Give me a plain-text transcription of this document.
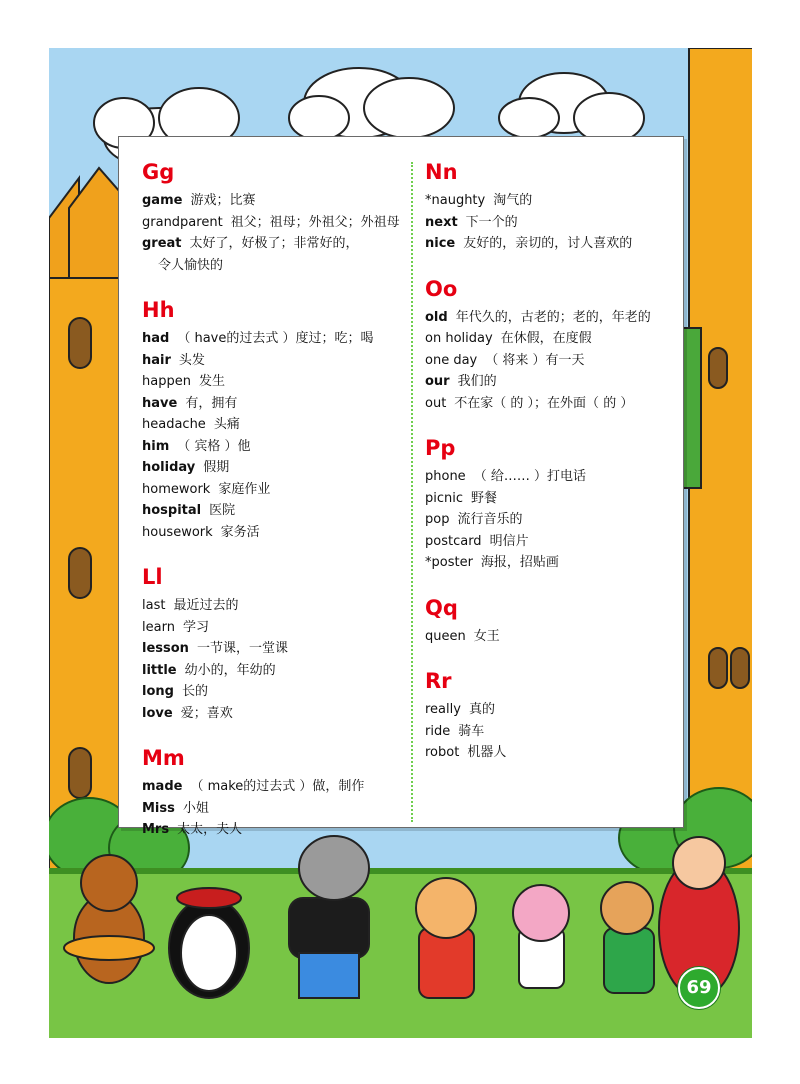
Gg
game 游戏；比赛
grandparent 祖父；祖母；外祖父；外祖母
great 太好了，好极了；非常好的，
令人愉快的
Hh
had （ have的过去式 ）度过；吃；喝
hair 头发
happen 发生
have 有，拥有
headache 头痛
him （ 宾格 ）他
holiday 假期
homework 家庭作业
hospital 医院
housework 家务活
Ll
last 最近过去的
learn 学习
lesson 一节课，一堂课
little 幼小的，年幼的
long 长的
love 爱；喜欢
Mm
made （ make的过去式 ）做，制作
Miss 小姐
Mrs 太太，夫人
Nn
*naughty 淘气的
next 下一个的
nice 友好的，亲切的，讨人喜欢的
Oo
old 年代久的，古老的；老的，年老的
on holiday 在休假，在度假
one day （ 将来 ）有一天
our 我们的
out 不在家（ 的 ）；在外面（ 的 ）
Pp
phone （ 给…… ）打电话
picnic 野餐
pop 流行音乐的
postcard 明信片
*poster 海报，招贴画
Qq
queen 女王
Rr
really 真的
ride 骑车
robot 机器人
69
